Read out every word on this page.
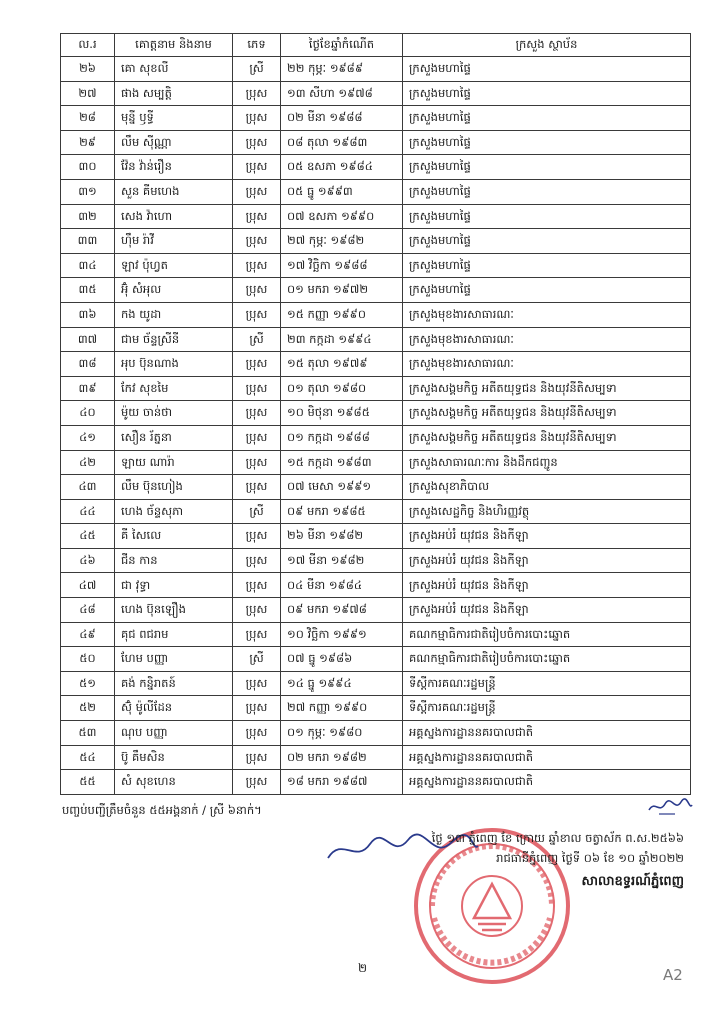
ល.រ	គោត្តនាម និងនាម	ភេទ	ថ្ងៃខែឆ្នាំកំណើត	ក្រសួង ស្ថាប័ន
២៦	គោ សុខលី	ស្រី	២២ កុម្ភៈ ១៩៨៩	ក្រសួងមហាផ្ទៃ
២៧	ផាង សម្បត្តិ	ប្រុស	១៣ សីហា ១៩៧៨	ក្រសួងមហាផ្ទៃ
២៨	មុន្នី ឫទ្ធី	ប្រុស	០២ មីនា ១៩៨៨	ក្រសួងមហាផ្ទៃ
២៩	លឹម ស៊ីណ្ណា	ប្រុស	០៨ តុលា ១៩៨៣	ក្រសួងមហាផ្ទៃ
៣០	វ៉ែន វ៉ាន់រឿន	ប្រុស	០៥ ឧសភា ១៩៨៤	ក្រសួងមហាផ្ទៃ
៣១	សួន គីមហេង	ប្រុស	០៥ ធ្នូ ១៩៩៣	ក្រសួងមហាផ្ទៃ
៣២	សេង វ៉ាហោ	ប្រុស	០៧ ឧសភា ១៩៩០	ក្រសួងមហាផ្ទៃ
៣៣	ហ៊ឹម រ៉ាវី	ប្រុស	២៧ កុម្ភៈ ១៩៨២	ក្រសួងមហាផ្ទៃ
៣៤	ឡាវ ប៉ុហ្វត	ប្រុស	១៧ វិច្ឆិកា ១៩៨៨	ក្រសួងមហាផ្ទៃ
៣៥	អ៊ុំ សំអុល	ប្រុស	០១ មករា ១៩៧២	ក្រសួងមហាផ្ទៃ
៣៦	កង យូដា	ប្រុស	១៥ កញ្ញា ១៩៩០	ក្រសួងមុខងារសាធារណៈ
៣៧	ជាម ច័ន្ទស្រីនី	ស្រី	២៣ កក្កដា ១៩៩៤	ក្រសួងមុខងារសាធារណៈ
៣៨	អុប ប៊ុនណាង	ប្រុស	១៥ តុលា ១៩៧៩	ក្រសួងមុខងារសាធារណៈ
៣៩	កែវ សុខមៃ	ប្រុស	០១ តុលា ១៩៨០	ក្រសួងសង្គមកិច្ច អតីតយុទ្ធជន និងយុវនីតិសម្បទា
៤០	ម៉ូយ ចាន់ថា	ប្រុស	១០ មិថុនា ១៩៨៥	ក្រសួងសង្គមកិច្ច អតីតយុទ្ធជន និងយុវនីតិសម្បទា
៤១	សឿន រ័ត្ននា	ប្រុស	០១ កក្កដា ១៩៨៨	ក្រសួងសង្គមកិច្ច អតីតយុទ្ធជន និងយុវនីតិសម្បទា
៤២	ឡាយ ណារ៉ា	ប្រុស	១៥ កក្កដា ១៩៨៣	ក្រសួងសាធារណៈការ និងដឹកជញ្ជូន
៤៣	លឹម ប៊ុនហៀង	ប្រុស	០៧ មេសា ១៩៩១	ក្រសួងសុខាភិបាល
៤៤	ហេង ច័ន្ទសុភា	ស្រី	០៩ មករា ១៩៨៥	ក្រសួងសេដ្ឋកិច្ច និងហិរញ្ញវត្ថុ
៤៥	គី សៃលេ	ប្រុស	២៦ មីនា ១៩៨២	ក្រសួងអប់រំ យុវជន និងកីឡា
៤៦	ជីន កាន	ប្រុស	១៧ មីនា ១៩៨២	ក្រសួងអប់រំ យុវជន និងកីឡា
៤៧	ជា វុទ្ធា	ប្រុស	០៤ មីនា ១៩៨៤	ក្រសួងអប់រំ យុវជន និងកីឡា
៤៨	ហេង ប៊ុនឡឿង	ប្រុស	០៩ មករា ១៩៧៨	ក្រសួងអប់រំ យុវជន និងកីឡា
៤៩	គុជ ពជរាម	ប្រុស	១០ វិច្ឆិកា ១៩៩១	គណកម្មាធិការជាតិរៀបចំការបោះឆ្នោត
៥០	ហែម បញ្ញា	ស្រី	០៧ ធ្នូ ១៩៨៦	គណកម្មាធិការជាតិរៀបចំការបោះឆ្នោត
៥១	គង់ កន្និរាតន៍	ប្រុស	១៤ ធ្នូ ១៩៩៤	ទីស្តីការគណៈរដ្ឋមន្ត្រី
៥២	ស៊ុំ ម៉ូលីដែន	ប្រុស	២៧ កញ្ញា ១៩៩០	ទីស្តីការគណៈរដ្ឋមន្ត្រី
៥៣	ណុប បញ្ញា	ប្រុស	០១ កុម្ភៈ ១៩៨០	អគ្គស្នងការដ្ឋាននគរបាលជាតិ
៥៤	ប៊ូ គឹមសិន	ប្រុស	០២ មករា ១៩៨២	អគ្គស្នងការដ្ឋាននគរបាលជាតិ
៥៥	សំ សុខហេន	ប្រុស	១៨ មករា ១៩៨៧	អគ្គស្នងការដ្ឋាននគរបាលជាតិ
បញ្ចប់បញ្ជីត្រឹមចំនួន ៥៥អង្គនាក់ / ស្រី ៦នាក់។
ថ្ងៃ ១៣ ភ្នំពេញ ខែ ក្រោយ ឆ្នាំខាល ចត្វាស័ក ព.ស.២៥៦៦
រាជធានីភ្នំពេញ ថ្ងៃទី ០៦ ខែ ១០ ឆ្នាំ២០២២
សាលាឧទ្ធរណ៍ភ្នំពេញ
២	A2
